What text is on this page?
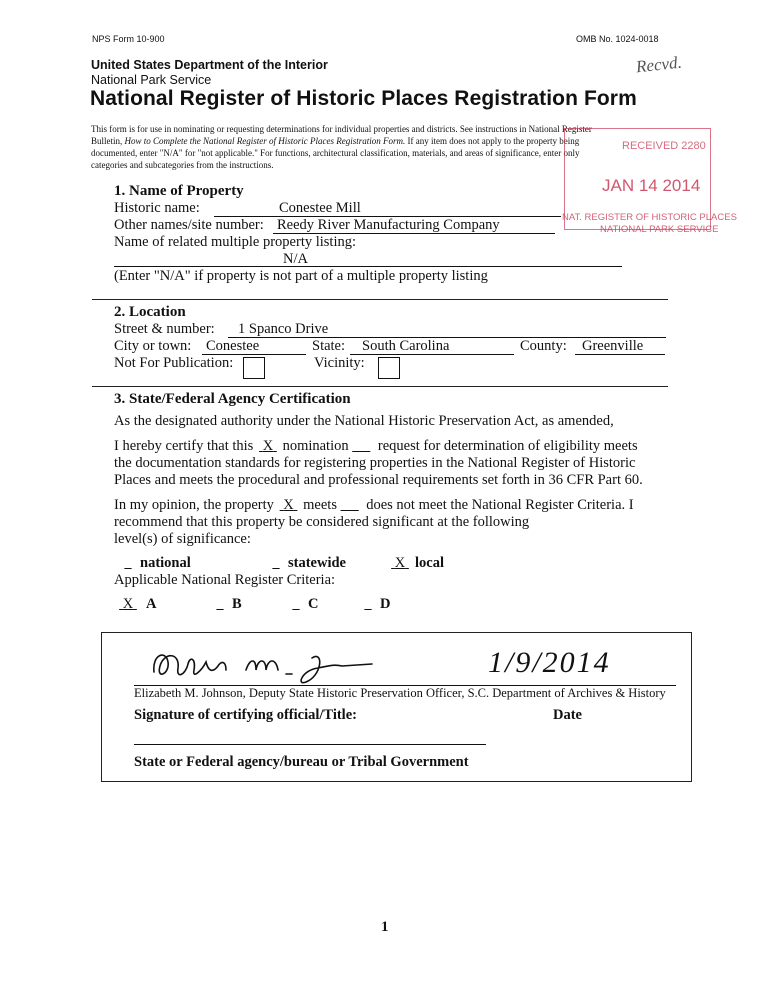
NPS Form 10-900	OMB No. 1024-0018
Recvd.
United States Department of the Interior
National Park Service
National Register of Historic Places Registration Form
This form is for use in nominating or requesting determinations for individual properties and districts. See instructions in National Register
Bulletin, How to Complete the National Register of Historic Places Registration Form. If any item does not apply to the property being
documented, enter "N/A" for "not applicable." For functions, architectural classification, materials, and areas of significance, enter only
categories and subcategories from the instructions.
RECEIVED 2280
JAN 14 2014
NAT. REGISTER OF HISTORIC PLACES
NATIONAL PARK SERVICE
1. Name of Property
Historic name:	Conestee Mill
Other names/site number: Reedy River Manufacturing Company
Name of related multiple property listing:
N/A
(Enter "N/A" if property is not part of a multiple property listing
2. Location
Street & number: 1 Spanco Drive
City or town: Conestee	State: South Carolina	County: Greenville
Not For Publication:	Vicinity:
3. State/Federal Agency Certification
As the designated authority under the National Historic Preservation Act, as amended,
I hereby certify that this  X  nomination       request for determination of eligibility meets
the documentation standards for registering properties in the National Register of Historic
Places and meets the procedural and professional requirements set forth in 36 CFR Part 60.
In my opinion, the property  X  meets       does not meet the National Register Criteria. I
recommend that this property be considered significant at the following
level(s) of significance:
national	statewide	X local
Applicable National Register Criteria:
X A	B	C	D
1/9/2014
Elizabeth M. Johnson, Deputy State Historic Preservation Officer, S.C. Department of Archives & History
Signature of certifying official/Title:	Date
State or Federal agency/bureau or Tribal Government
1
